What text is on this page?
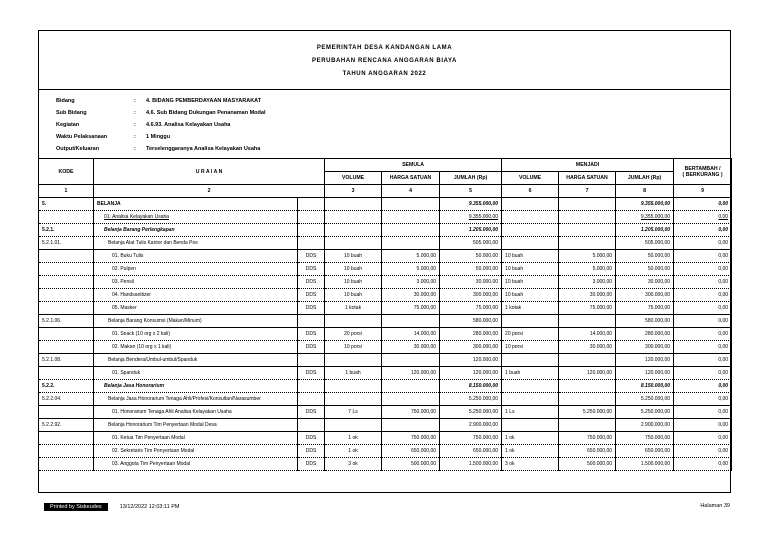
PEMERINTAH DESA KANDANGAN LAMA
PERUBAHAN RENCANA ANGGARAN BIAYA
TAHUN ANGGARAN 2022
Bidang	:	4. BIDANG PEMBERDAYAAN MASYARAKAT
Sub Bidang	:	4.6. Sub Bidang Dukungan Penanaman Modal
Kegiatan	:	4.6.93. Analisa Kelayakan Usaha
Waktu Pelaksanaan	:	1 Minggu
Output/Keluaran	:	Terselenggaranya Analisa Kelayakan Usaha
KODE	U R A I A N		SEMULA			MENJADI			BERTAMBAH /
( BERKURANG )
			VOLUME	HARGA SATUAN	JUMLAH (Rp)	VOLUME	HARGA SATUAN	JUMLAH (Rp)	
1	2		3	4	5	6	7	8	9
5.	BELANJA				9.355.000,00			9.355.000,00	0,00
	01. Analisa Kelayakan Usaha				9.355.000,00			9.355.000,00	0,00
5.2.1.	Belanja Barang Perlengkapan				1.205.000,00			1.205.000,00	0,00
5.2.1.01.	Belanja Alat Tulis Kantor dan Benda Pos				505.000,00			505.000,00	0,00
	01. Buku Tulis	DDS	10 buah	5.000,00	50.000,00	10 buah	5.000,00	50.000,00	0,00
	02. Pulpen	DDS	10 buah	5.000,00	50.000,00	10 buah	5.000,00	50.000,00	0,00
	03. Pensil	DDS	10 buah	3.000,00	30.000,00	10 buah	3.000,00	30.000,00	0,00
	04. Handsanitizer	DDS	10 buah	30.000,00	300.000,00	10 buah	30.000,00	300.000,00	0,00
	05. Masker	DDS	1 kotak	75.000,00	75.000,00	1 kotak	75.000,00	75.000,00	0,00
5.2.1.06.	Belanja Barang Konsumsi (Makan/Minum)				580.000,00			580.000,00	0,00
	01. Snack (10 org x 2 kali)	DDS	20 porsi	14.000,00	280.000,00	20 porsi	14.000,00	280.000,00	0,00
	02. Makan (10 org x 1 kali)	DDS	10 porsi	30.000,00	300.000,00	10 porsi	30.000,00	300.000,00	0,00
5.2.1.08.	Belanja Bendera/Umbul-umbul/Spanduk				120.000,00			120.000,00	0,00
	01. Spanduk	DDS	1 buah	120.000,00	120.000,00	1 buah	120.000,00	120.000,00	0,00
5.2.2.	Belanja Jasa Honorarium				8.150.000,00			8.150.000,00	0,00
5.2.2.04.	Belanja Jasa Honorarium Tenaga Ahli/Profesi/Konsultan/Narasumber				5.250.000,00			5.250.000,00	0,00
	01. Honorarium Tenaga Ahli Analisa Kelayakan Usaha	DDS	7 Ls	750.000,00	5.250.000,00	1 Ls	5.250.000,00	5.250.000,00	0,00
5.2.2.92.	Belanja Honorarium Tim Penyertaan Modal Desa				2.900.000,00			2.900.000,00	0,00
	01. Ketua Tim Penyertaan Modal	DDS	1 ok	750.000,00	750.000,00	1 ok	750.000,00	750.000,00	0,00
	02. Sekretaris Tim Penyertaan Modal	DDS	1 ok	650.000,00	650.000,00	1 ok	650.000,00	650.000,00	0,00
	03. Anggota Tim Penyertaan Modal	DDS	3 ok	500.000,00	1.500.000,00	3 ok	500.000,00	1.500.000,00	0,00
Printed by Siskeudes	13/12/2022 12:03:11 PM	Halaman 39
